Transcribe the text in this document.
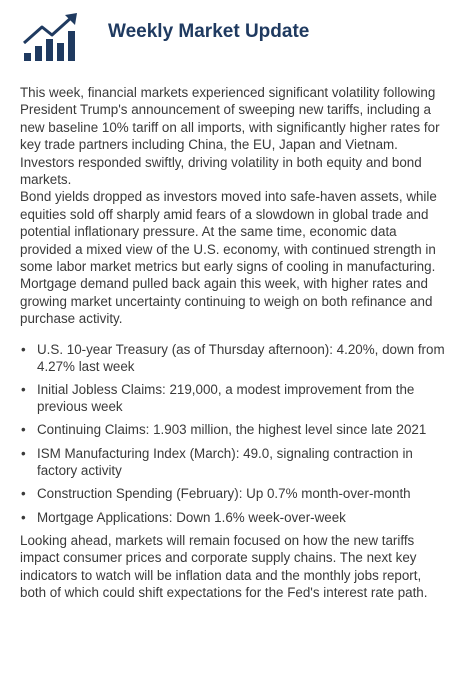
Weekly Market Update

This week, financial markets experienced significant volatility following President Trump's announcement of sweeping new tariffs, including a new baseline 10% tariff on all imports, with significantly higher rates for key trade partners including China, the EU, Japan and Vietnam. Investors responded swiftly, driving volatility in both equity and bond markets.

Bond yields dropped as investors moved into safe-haven assets, while equities sold off sharply amid fears of a slowdown in global trade and potential inflationary pressure. At the same time, economic data provided a mixed view of the U.S. economy, with continued strength in some labor market metrics but early signs of cooling in manufacturing.

Mortgage demand pulled back again this week, with higher rates and growing market uncertainty continuing to weigh on both refinance and purchase activity.

• U.S. 10-year Treasury (as of Thursday afternoon): 4.20%, down from 4.27% last week
• Initial Jobless Claims: 219,000, a modest improvement from the previous week
• Continuing Claims: 1.903 million, the highest level since late 2021
• ISM Manufacturing Index (March): 49.0, signaling contraction in factory activity
• Construction Spending (February): Up 0.7% month-over-month
• Mortgage Applications: Down 1.6% week-over-week

Looking ahead, markets will remain focused on how the new tariffs impact consumer prices and corporate supply chains. The next key indicators to watch will be inflation data and the monthly jobs report, both of which could shift expectations for the Fed's interest rate path.
